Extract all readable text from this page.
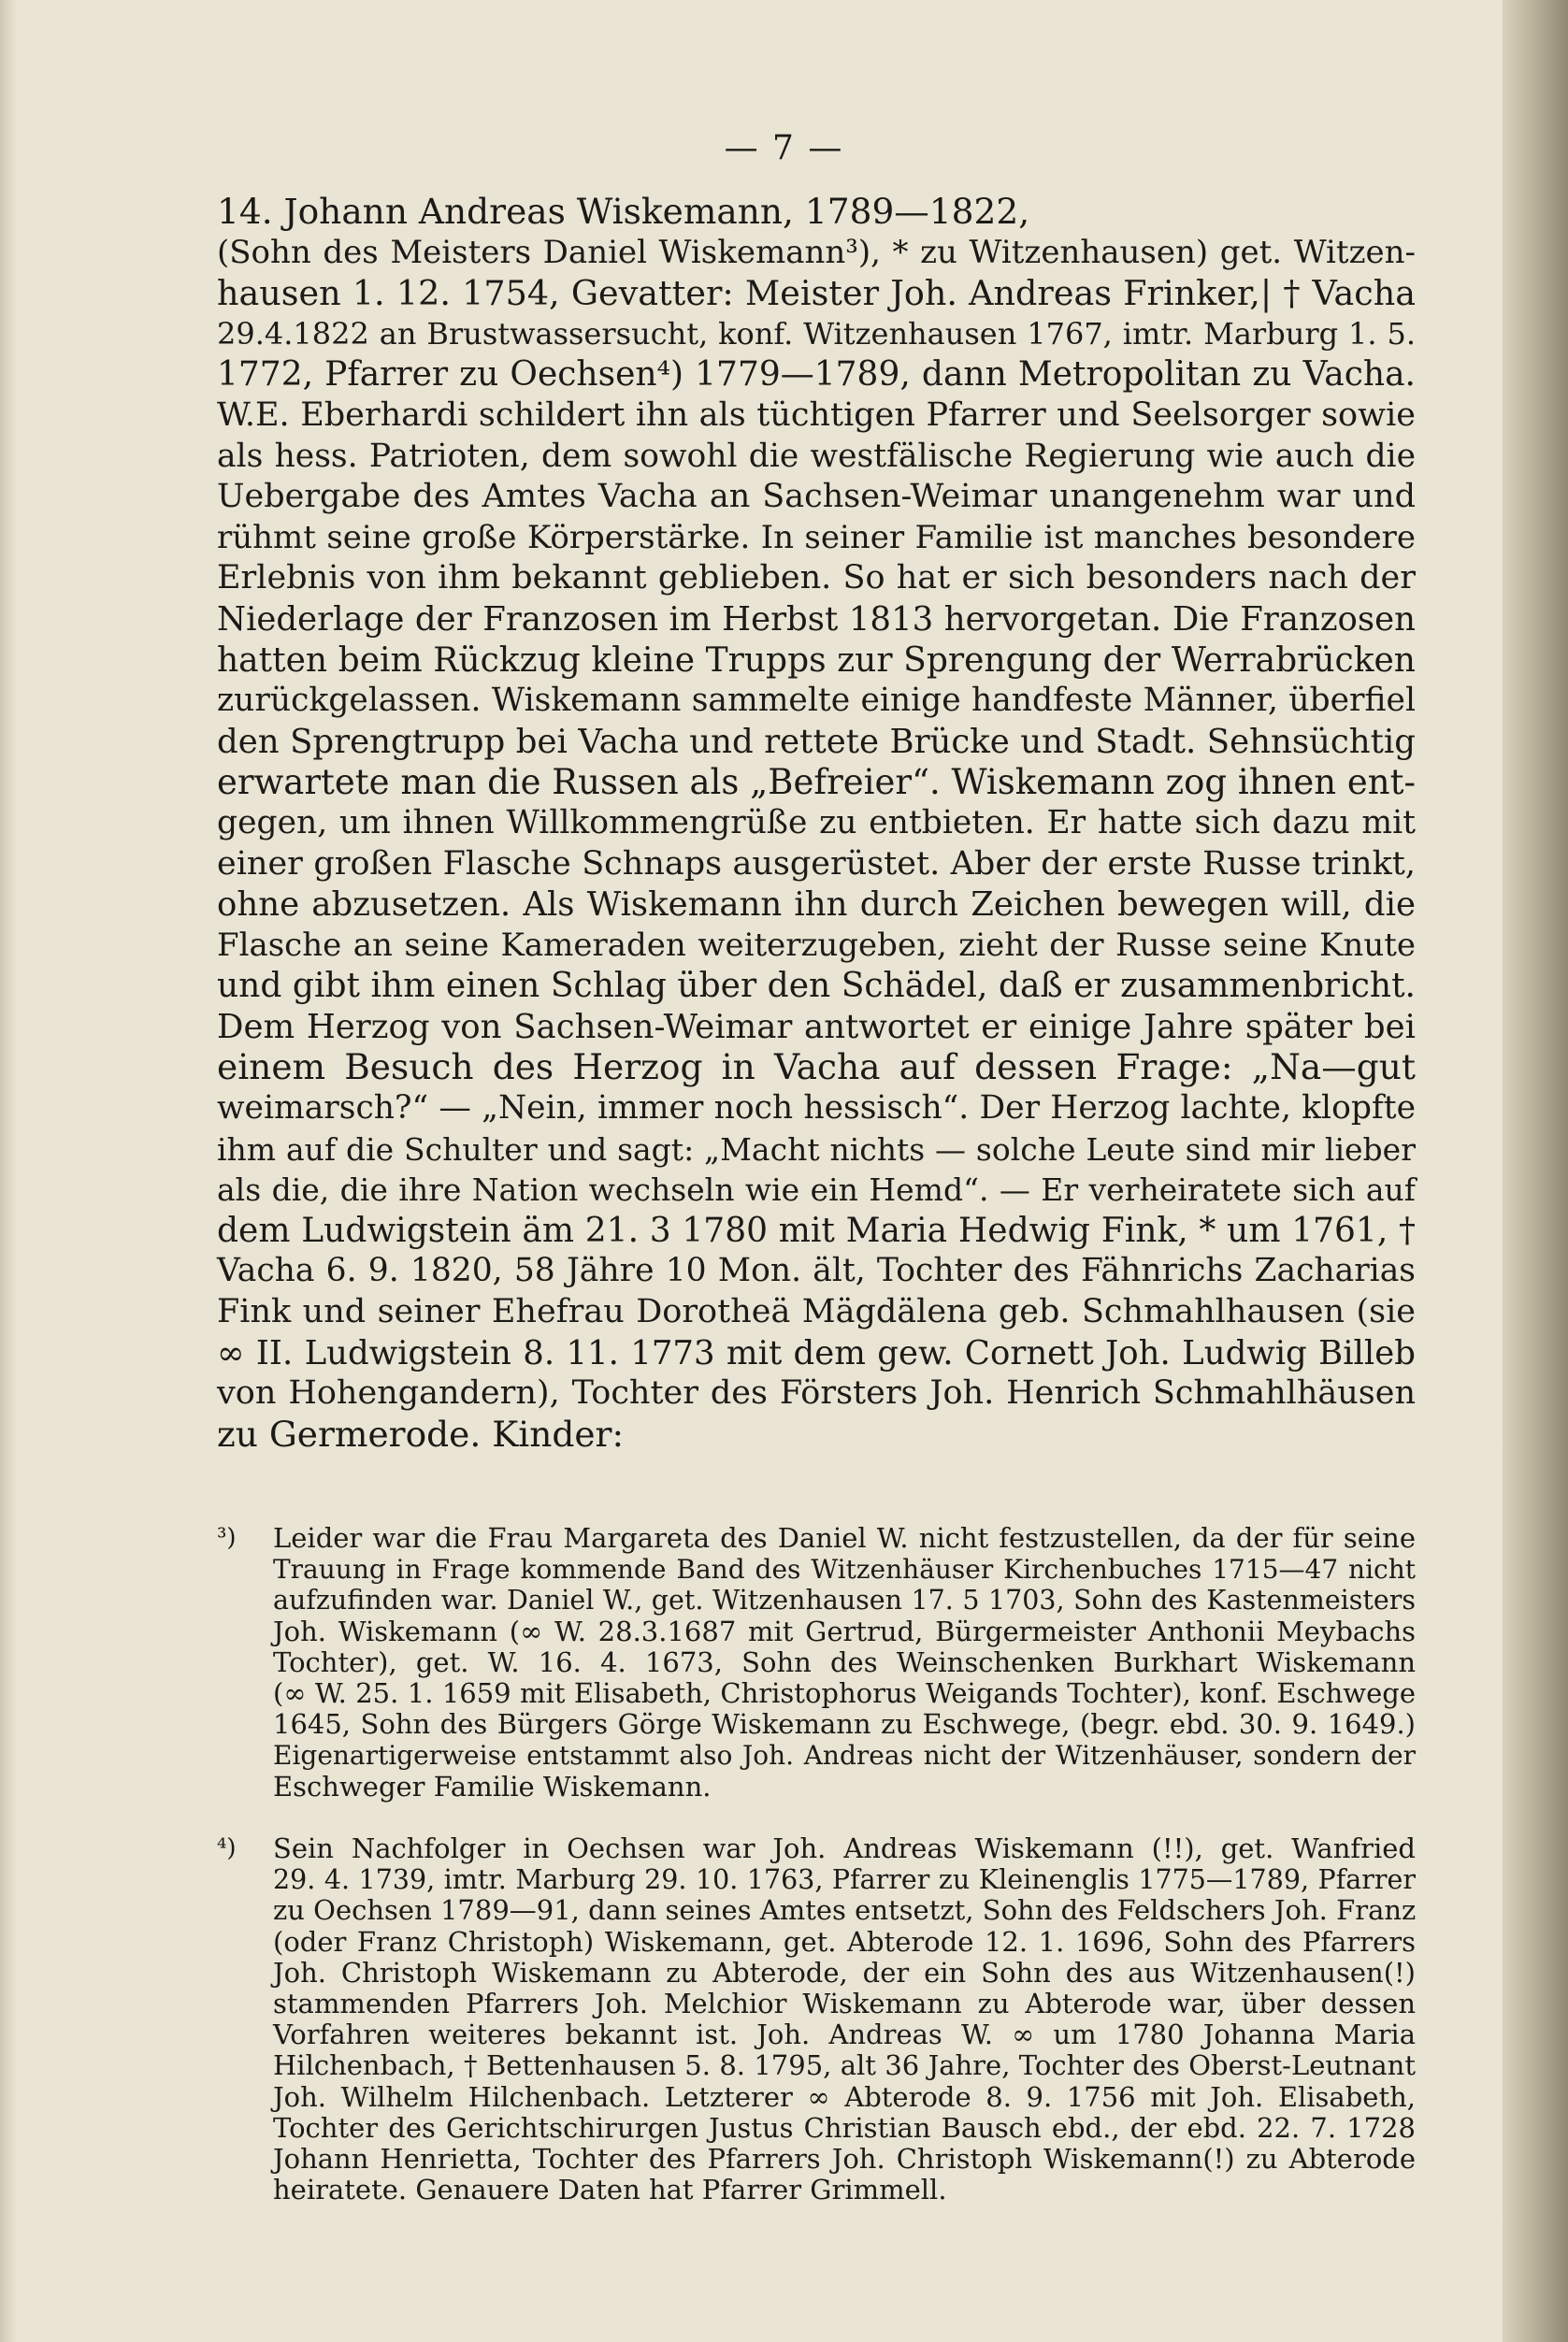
— 7 —
14. Johann Andreas Wiskemann, 1789—1822,
(Sohn des Meisters Daniel Wiskemann³), * zu Witzenhausen) get. Witzen-
hausen 1. 12. 1754, Gevatter: Meister Joh. Andreas Frinker,| † Vacha
29.4.1822 an Brustwassersucht, konf. Witzenhausen 1767, imtr. Marburg 1. 5.
1772, Pfarrer zu Oechsen⁴) 1779—1789, dann Metropolitan zu Vacha.
W.E. Eberhardi schildert ihn als tüchtigen Pfarrer und Seelsorger sowie
als hess. Patrioten, dem sowohl die westfälische Regierung wie auch die
Uebergabe des Amtes Vacha an Sachsen-Weimar unangenehm war und
rühmt seine große Körperstärke. In seiner Familie ist manches besondere
Erlebnis von ihm bekannt geblieben. So hat er sich besonders nach der
Niederlage der Franzosen im Herbst 1813 hervorgetan. Die Franzosen
hatten beim Rückzug kleine Trupps zur Sprengung der Werrabrücken
zurückgelassen. Wiskemann sammelte einige handfeste Männer, überfiel
den Sprengtrupp bei Vacha und rettete Brücke und Stadt. Sehnsüchtig
erwartete man die Russen als „Befreier“. Wiskemann zog ihnen ent-
gegen, um ihnen Willkommengrüße zu entbieten. Er hatte sich dazu mit
einer großen Flasche Schnaps ausgerüstet. Aber der erste Russe trinkt,
ohne abzusetzen. Als Wiskemann ihn durch Zeichen bewegen will, die
Flasche an seine Kameraden weiterzugeben, zieht der Russe seine Knute
und gibt ihm einen Schlag über den Schädel, daß er zusammenbricht.
Dem Herzog von Sachsen-Weimar antwortet er einige Jahre später bei
einem Besuch des Herzog in Vacha auf dessen Frage: „Na—gut
weimarsch?“ — „Nein, immer noch hessisch“. Der Herzog lachte, klopfte
ihm auf die Schulter und sagt: „Macht nichts — solche Leute sind mir lieber
als die, die ihre Nation wechseln wie ein Hemd“. — Er verheiratete sich auf
dem Ludwigstein äm 21. 3 1780 mit Maria Hedwig Fink, * um 1761, †
Vacha 6. 9. 1820, 58 Jähre 10 Mon. ält, Tochter des Fähnrichs Zacharias
Fink und seiner Ehefrau Dorotheä Mägdälena geb. Schmahlhausen (sie
∞ II. Ludwigstein 8. 11. 1773 mit dem gew. Cornett Joh. Ludwig Billeb
von Hohengandern), Tochter des Försters Joh. Henrich Schmahlhäusen
zu Germerode. Kinder:
³) Leider war die Frau Margareta des Daniel W. nicht festzustellen, da der für seine
Trauung in Frage kommende Band des Witzenhäuser Kirchenbuches 1715—47 nicht
aufzufinden war. Daniel W., get. Witzenhausen 17. 5 1703, Sohn des Kastenmeisters
Joh. Wiskemann (∞ W. 28.3.1687 mit Gertrud, Bürgermeister Anthonii Meybachs
Tochter), get. W. 16. 4. 1673, Sohn des Weinschenken Burkhart Wiskemann
(∞ W. 25. 1. 1659 mit Elisabeth, Christophorus Weigands Tochter), konf. Eschwege
1645, Sohn des Bürgers Görge Wiskemann zu Eschwege, (begr. ebd. 30. 9. 1649.)
Eigenartigerweise entstammt also Joh. Andreas nicht der Witzenhäuser, sondern der
Eschweger Familie Wiskemann.
⁴) Sein Nachfolger in Oechsen war Joh. Andreas Wiskemann (!!), get. Wanfried
29. 4. 1739, imtr. Marburg 29. 10. 1763, Pfarrer zu Kleinenglis 1775—1789, Pfarrer
zu Oechsen 1789—91, dann seines Amtes entsetzt, Sohn des Feldschers Joh. Franz
(oder Franz Christoph) Wiskemann, get. Abterode 12. 1. 1696, Sohn des Pfarrers
Joh. Christoph Wiskemann zu Abterode, der ein Sohn des aus Witzenhausen(!)
stammenden Pfarrers Joh. Melchior Wiskemann zu Abterode war, über dessen
Vorfahren weiteres bekannt ist. Joh. Andreas W. ∞ um 1780 Johanna Maria
Hilchenbach, † Bettenhausen 5. 8. 1795, alt 36 Jahre, Tochter des Oberst-Leutnant
Joh. Wilhelm Hilchenbach. Letzterer ∞ Abterode 8. 9. 1756 mit Joh. Elisabeth,
Tochter des Gerichtschirurgen Justus Christian Bausch ebd., der ebd. 22. 7. 1728
Johann Henrietta, Tochter des Pfarrers Joh. Christoph Wiskemann(!) zu Abterode
heiratete. Genauere Daten hat Pfarrer Grimmell.
